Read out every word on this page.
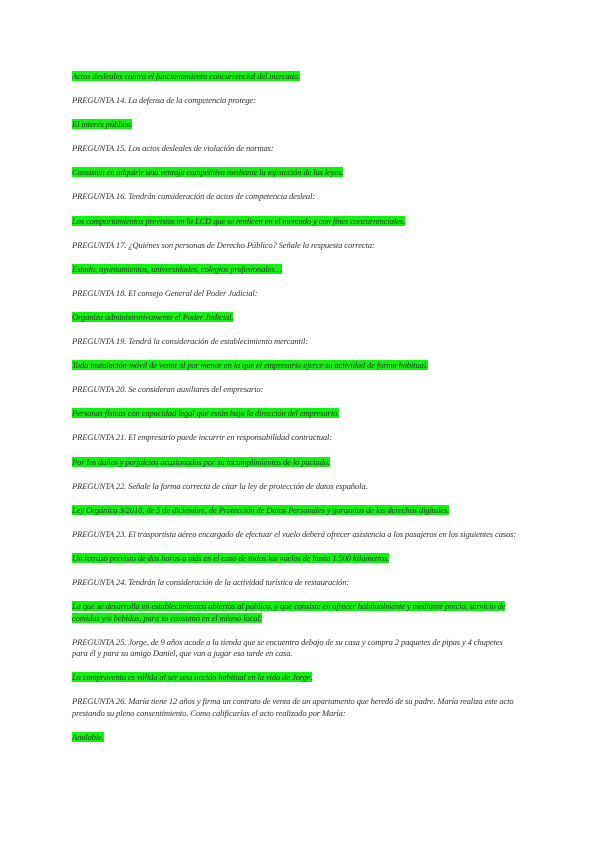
Actos desleales contra el funcionamiento concurrencial del mercado.

PREGUNTA 14. La defensa de la competencia protege:

El interés público.

PREGUNTA 15. Los actos desleales de violación de normas:

Consisten en adquirir una ventaja competitiva mediante la infracción de las leyes.

PREGUNTA 16. Tendrán consideración de actos de competencia desleal:

Los comportamientos previstos en la LCD que se realicen en el mercado y con fines concurrenciales.

PREGUNTA 17. ¿Quiénes son personas de Derecho Público? Señale la respuesta correcta:

Estado, ayuntamientos, universidades, colegios profesionales…

PREGUNTA 18. El consejo General del Poder Judicial:

Organiza administrativamente el Poder Judicial.

PREGUNTA 19. Tendrá la consideración de establecimiento mercantil:

Toda instalación móvil de venta al por menor en la que el empresario ejerce su actividad de forma habitual.

PREGUNTA 20. Se consideran auxiliares del empresario:

Personas físicas con capacidad legal que están bajo la dirección del empresario.

PREGUNTA 21. El empresario puede incurrir en responsabilidad contractual:

Por los daños y perjuicios ocasionados por su incumplimientos de lo pactado.

PREGUNTA 22. Señale la forma correcta de citar la ley de protección de datos española.

Ley Orgánica 3/2018, de 5 de diciembre, de Protección de Datos Personales y garantías de los derechos digitales.

PREGUNTA 23. El trasportista aéreo encargado de efectuar el vuelo deberá ofrecer asistencia a los pasajeros en los siguientes casos:

Un retraso previsto de dos horas o más en el caso de todos los vuelos de hasta 1.500 kilómetros.

PREGUNTA 24. Tendrán la consideración de la actividad turística de restauración:

La que se desarrolla en establecimientos abiertos al público, y que consiste en ofrecer habitualmente y mediante precio, servicio de comidas y/o bebidas, para su consumo en el mismo local.

PREGUNTA 25. Jorge, de 9 años acude a la tienda que se encuentra debajo de su casa y compra 2 paquetes de pipas y 4 chupetes para él y para su amigo Daniel, que van a jugar esa tarde en casa.

La compraventa es válida al ser una acción habitual en la vida de Jorge.

PREGUNTA 26. María tiene 12 años y firma un contrato de venta de un apartamento que heredó de su padre. María realiza este acto prestando su pleno consentimiento. Como calificarías el acto realizado por María:

Anulable.
